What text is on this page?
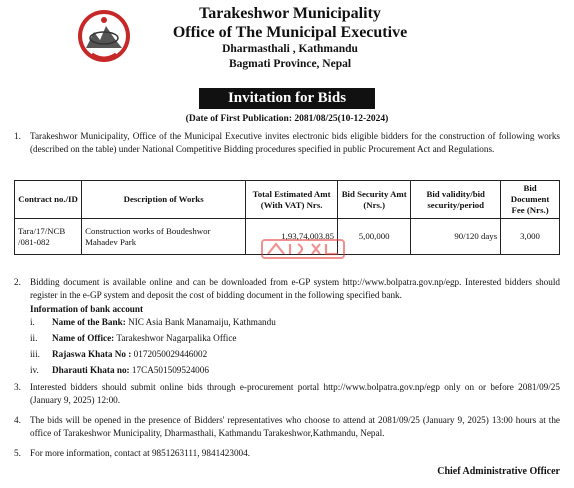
Tarakeshwor Municipality
Office of The Municipal Executive
Dharmasthali , Kathmandu
Bagmati Province, Nepal
Invitation for Bids
(Date of First Publication: 2081/08/25(10-12-2024)
1. Tarakeshwor Municipality, Office of the Municipal Executive invites electronic bids eligible bidders for the construction of following works (described on the table) under National Competitive Bidding procedures specified in public Procurement Act and Regulations.
Contract no./ID	Description of Works	Total Estimated Amt (With VAT) Nrs.	Bid Security Amt (Nrs.)	Bid validity/bid security/period	Bid Document Fee (Nrs.)
Tara/17/NCB /081-082	Construction works of Boudeshwor Mahadev Park	1,93,74,003.85	5,00,000	90/120 days	3,000
2. Bidding document is available online and can be downloaded from e-GP system http://www.bolpatra.gov.np/egp. Interested bidders should register in the e-GP system and deposit the cost of bidding document in the following specified bank.
Information of bank account
i. Name of the Bank: NIC Asia Bank Manamaiju, Kathmandu
ii. Name of Office: Tarakeshwor Nagarpalika Office
iii. Rajaswa Khata No : 0172050029446002
iv. Dharauti Khata no: 17CA501509524006
3. Interested bidders should submit online bids through e-procurement portal http://www.bolpatra.gov.np/egp only on or before 2081/09/25 (January 9, 2025) 12:00.
4. The bids will be opened in the presence of Bidders' representatives who choose to attend at 2081/09/25 (January 9, 2025) 13:00 hours at the office of Tarakeshwor Municipality, Dharmasthali, Kathmandu Tarakeshwor,Kathmandu, Nepal.
5. For more information, contact at 9851263111, 9841423004.
Chief Administrative Officer
